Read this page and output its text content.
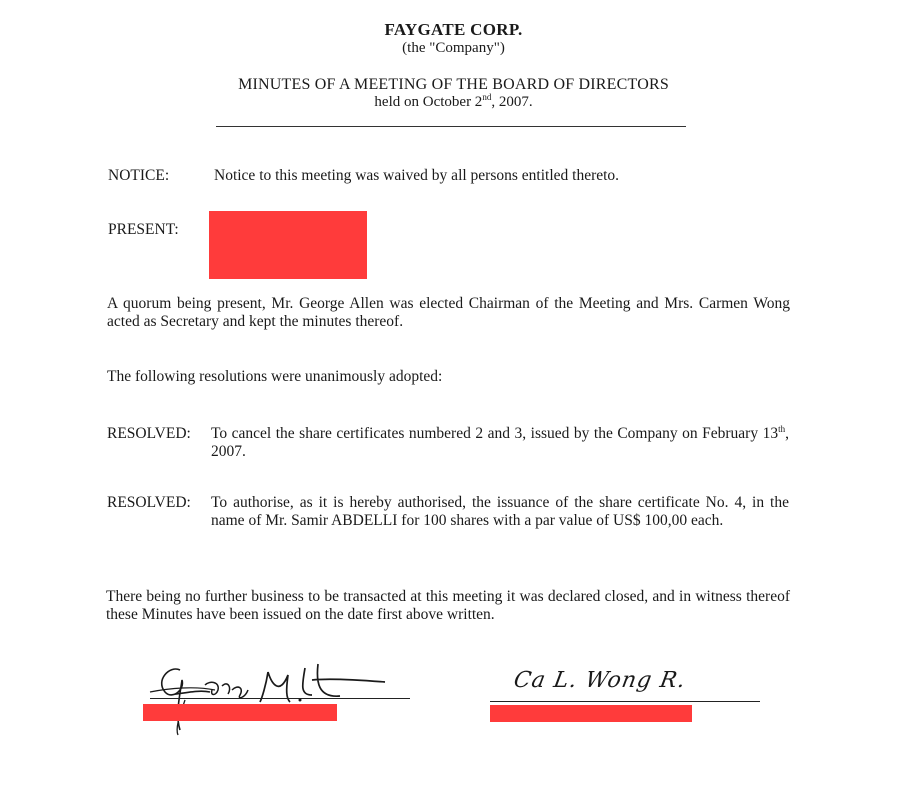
FAYGATE CORP.
(the "Company")
MINUTES OF A MEETING OF THE BOARD OF DIRECTORS
held on October 2nd, 2007.
NOTICE:	Notice to this meeting was waived by all persons entitled thereto.
PRESENT:
A quorum being present, Mr. George Allen was elected Chairman of the Meeting and Mrs. Carmen Wong acted as Secretary and kept the minutes thereof.
The following resolutions were unanimously adopted:
RESOLVED: To cancel the share certificates numbered 2 and 3, issued by the Company on February 13th, 2007.
RESOLVED: To authorise, as it is hereby authorised, the issuance of the share certificate No. 4, in the name of Mr. Samir ABDELLI for 100 shares with a par value of US$ 100,00 each.
There being no further business to be transacted at this meeting it was declared closed, and in witness thereof these Minutes have been issued on the date first above written.
Ca L. Wong R.
